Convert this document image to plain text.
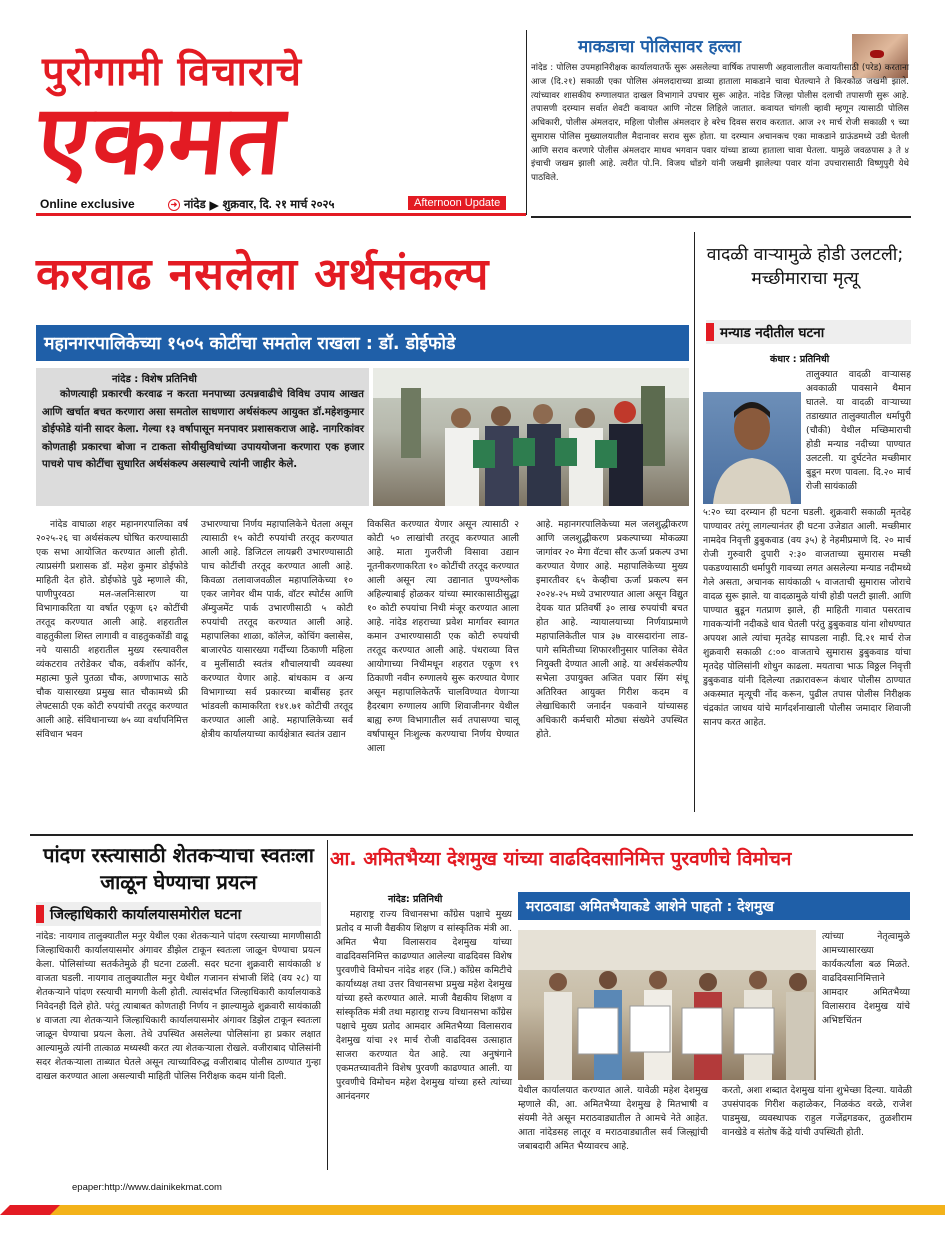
पुरोगामी विचाराचे
एकमत
Online exclusive	➜ नांदेड ▶ शुक्रवार, दि. २१ मार्च २०२५	Afternoon Update
माकडाचा पोलिसावर हल्ला
नांदेड : पोलिस उपमहानिरीक्षक कार्यालयातर्फे सुरू असलेल्या वार्षिक तपासणी अहवालातील कवायतीसाठी (परेड) करताना आज (दि.२१) सकाळी एका पोलिस अंमलदाराच्या डाव्या हाताला माकडाने चावा घेतल्याने ते किरकोळ जखमी झाले. त्यांच्यावर शासकीय रुग्णालयात दाखल विभागाने उपचार सुरू आहेत. नांदेड जिल्हा पोलीस दलाची तपासणी सुरू आहे. तपासणी दरम्यान सर्वात शेवटी कवायत आणि नोटस लिहिले जातात. कवायत चांगली व्हावी म्हणून त्यासाठी पोलिस अधिकारी, पोलीस अंमलदार, महिला पोलीस अंमलदार हे बरेच दिवस सराव करतात. आज २१ मार्च रोजी सकाळी ९ च्या सुमारास पोलिस मुख्यालयातील मैदानावर सराव सुरू होता. या दरम्यान अचानकच एका माकडाने ग्राऊंडमध्ये उडी घेतली आणि सराव करणारे पोलीस अंमलदार माधव भगवान पवार यांच्या डाव्या हाताला चावा घेतला. यामुळे जवळपास ३ ते ४ इंचाची जखम झाली आहे. त्वरीत पो.नि. विजय धोंडगे यांनी जखमी झालेल्या पवार यांना उपचारासाठी विष्णुपुरी येथे पाठविले.
करवाढ नसलेला अर्थसंकल्प
महानगरपालिकेच्या १५०५ कोटींचा समतोल राखला : डॉ. डोईफोडे
नांदेड : विशेष प्रतिनिधी
कोणत्याही प्रकारची करवाढ न करता मनपाच्या उत्पन्नवाढीचे विविध उपाय आखत आणि खर्चात बचत करणारा असा समतोल साधणारा अर्थसंकल्प आयुक्त डॉ.महेशकुमार डोईफोडे यांनी सादर केला. गेल्या १३ वर्षापासून मनपावर प्रशासकराज आहे. नागरिकांवर कोणताही प्रकारचा बोजा न टाकता सोयीसुविधांच्या उपाययोजना करणारा एक हजार पाचशे पाच कोटींचा सुधारित अर्थसंकल्प असल्याचे त्यांनी जाहीर केले.
नांदेड वाघाळा शहर महानगरपालिका वर्ष २०२५-२६ चा अर्थसंकल्प घोषित करण्यासाठी एक सभा आयोजित करण्यात आली होती. त्याप्रसंगी प्रशासक डॉ. महेश कुमार डोईफोडे माहिती देत होते. डोईफोडे पुढे म्हणाले की, पाणीपुरवठा मल-जलनिःसारण या विभागाकरिता या वर्षात एकूण ६२ कोटींची तरतूद करण्यात आली आहे. शहरातील वाहतुकीला शिस्त लागावी व वाहतुककोंडी वाढू नये यासाठी शहरातील मुख्य रस्त्यावरील व्यंकटराव तरोडेकर चौक, वर्कशॉप कॉर्नर, महात्मा फुले पुतळा चौक, अण्णाभाऊ साठे चौक यासारख्या प्रमुख सात चौकामध्ये फ्री लेफ्टसाठी एक कोटी रुपयांची तरतूद करण्यात आली आहे. संविधानाच्या ७५ व्या वर्धापनिमित्त संविधान भवन
उभारण्याचा निर्णय महापालिकेने घेतला असून त्यासाठी १५ कोटी रुपयांची तरतूद करण्यात आली आहे. डिजिटल लायब्ररी उभारण्यासाठी पाच कोटींची तरतूद करण्यात आली आहे. किवळा तलावाजवळील महापालिकेच्या १० एकर जागेवर थीम पार्क, वॉटर स्पोर्टस आणि ॲम्युजमेंट पार्क उभारणीसाठी ५ कोटी रुपयांची तरतूद करण्यात आली आहे. महापालिका शाळा, कॉलेज, कोचिंग क्लासेस, बाजारपेठ यासारख्या गर्दीच्या ठिकाणी महिला व मुलींसाठी स्वतंत्र शौचालयाची व्यवस्था करण्यात येणार आहे. बांधकाम व अन्य विभागाच्या सर्व प्रकारच्या बाबींसह इतर भांडवली कामाकरिता १४१.७१ कोटीची तरतूद करण्यात आली आहे. महापालिकेच्या सर्व क्षेत्रीय कार्यालयाच्या कार्यक्षेत्रात स्वतंत्र उद्यान
विकसित करण्यात येणार असून त्यासाठी २ कोटी ५० लाखांची तरतूद करण्यात आली आहे. माता गुजरीजी विसावा उद्यान नूतनीकरणाकरिता १० कोटींची तरतूद करण्यात आली असून त्या उद्यानात पुण्यश्लोक अहिल्याबाई होळकर यांच्या स्मारकासाठीसुद्धा १० कोटी रुपयांचा निधी मंजूर करण्यात आला आहे. नांदेड शहराच्या प्रवेश मार्गावर स्वागत कमान उभारण्यासाठी एक कोटी रुपयांची तरतूद करण्यात आली आहे. पंधराव्या वित्त आयोगाच्या निधीमधून शहरात एकूण १९ ठिकाणी नवीन रुग्णालये सुरू करण्यात येणार असून महापालिकेतर्फे चालविण्यात येणाऱ्या हैदरबाग रुग्णालय आणि शिवाजीनगर येथील बाह्य रुग्ण विभागातील सर्व तपासण्या चालू वर्षापासून निःशुल्क करण्याचा निर्णय घेण्यात आला
आहे. महानगरपालिकेच्या मल जलशुद्धीकरण आणि जलशुद्धीकरण प्रकल्पाच्या मोकळ्या जागांवर २० मेगा वॅटचा सौर ऊर्जा प्रकल्प उभा करण्यात येणार आहे. महापालिकेच्या मुख्य इमारतीवर ६५ केव्हीचा ऊर्जा प्रकल्प सन २०२४-२५ मध्ये उभारण्यात आला असून विद्युत देयक यात प्रतिवर्षी ३० लाख रुपयांची बचत होत आहे. न्यायालयाच्या निर्णयाप्रमाणे महापालिकेतील पात्र ३७ वारसदारांना लाड- पागे समितीच्या शिफारशीनुसार पालिका सेवेत नियुक्ती देण्यात आली आहे. या अर्थसंकल्पीय सभेला उपायुक्त अजित पवार सिंग संधू अतिरिक्त आयुक्त गिरीश कदम व लेखाधिकारी जनार्दन पकवाने यांच्यासह अधिकारी कर्मचारी मोठ्या संख्येने उपस्थित होते.
वादळी वाऱ्यामुळे होडी उलटली; मच्छीमाराचा मृत्यू
मन्याड नदीतील घटना
कंधार : प्रतिनिधी
तालुक्यात वादळी वाऱ्यासह अवकाळी पावसाने थैमान घातले. या वादळी वाऱ्याच्या तडाख्यात तालुक्यातील धर्मापुरी (चौकी) येथील मच्छिमाराची होडी मन्याड नदीच्या पाण्यात उलटली. या दुर्घटनेत मच्छीमार बुडून मरण पावला. दि.२० मार्च रोजी सायंकाळी
५:२० च्या दरम्यान ही घटना घडली. शुक्रवारी सकाळी मृतदेह पाण्यावर तरंगू लागल्यानंतर ही घटना उजेडात आली. मच्छीमार नामदेव निवृत्ती डुबुकवाड (वय ३५) हे नेहमीप्रमाणे दि. २० मार्च रोजी गुरुवारी दुपारी २:३० वाजताच्या सुमारास मच्छी पकडण्यासाठी धर्मापुरी गावच्या लगत असलेल्या मन्याड नदीमध्ये गेले असता, अचानक सायंकाळी ५ वाजताची सुमारास जोराचे वादळ सुरू झाले. या वादळामुळे यांची होडी पलटी झाली. आणि पाण्यात बुडून गतप्राण झाले, ही माहिती गावात पसरताच गावकऱ्यांनी नदीकडे धाव घेतली परंतु डुबुकवाड यांना शोधण्यात अपयश आले त्यांचा मृतदेह सापडला नाही. दि.२१ मार्च रोज शुक्रवारी सकाळी ८:०० वाजताचे सुमारास डुबुकवाड यांचा मृतदेह पोलिसांनी शोधुन काढला. मयताचा भाऊ विठ्ठल निवृत्ती डुबुकवाड यांनी दिलेल्या तक्रारावरून कंधार पोलीस ठाण्यात अकस्मात मृत्यूची नोंद करून, पुढील तपास पोलीस निरीक्षक चंद्रकांत जाधव यांचे मार्गदर्शनाखाली पोलीस जमादार शिवाजी सानप करत आहेत.
पांदण रस्त्यासाठी शेतकऱ्याचा स्वतःला जाळून घेण्याचा प्रयत्न
जिल्हाधिकारी कार्यालयासमोरील घटना
नांदेड: नायगाव तालुक्यातील मनुर येथील एका शेतकऱ्याने पांदण रस्त्याच्या मागणीसाठी जिल्हाधिकारी कार्यालयासमोर अंगावर डीझेल टाकून स्वतःला जाळून घेण्याचा प्रयत्न केला. पोलिसांच्या सतर्कतेमुळे ही घटना टळली. सदर घटना शुक्रवारी सायंकाळी ४ वाजता घडली. नायगाव तालुक्यातील मनुर येथील गजानन संभाजी शिंदे (वय २८) या शेतकऱ्याने पांदण रस्त्याची मागणी केली होती. त्यासंदर्भात जिल्हाधिकारी कार्यालयाकडे निवेदनही दिले होते. परंतु त्याबाबत कोणताही निर्णय न झाल्यामुळे शुक्रवारी सायंकाळी ४ वाजता त्या शेतकऱ्याने जिल्हाधिकारी कार्यालयासमोर अंगावर डिझेल टाकून स्वतःला जाळून घेण्याचा प्रयत्न केला. तेथे उपस्थित असलेल्या पोलिसांना हा प्रकार लक्षात आल्यामुळे त्यांनी तात्काळ मध्यस्थी करत त्या शेतकऱ्याला रोखले. वजीराबाद पोलिसांनी सदर शेतकऱ्याला ताब्यात घेतले असून त्याच्याविरुद्ध वजीराबाद पोलीस ठाण्यात गुन्हा दाखल करण्यात आला असल्याची माहिती पोलिस निरीक्षक कदम यांनी दिली.
आ. अमितभैय्या देशमुख यांच्या वाढदिवसानिमित्त पुरवणीचे विमोचन
नांदेड: प्रतिनिधी
महाराष्ट्र राज्य विधानसभा काँग्रेस पक्षाचे मुख्य प्रतोद व माजी वैद्यकीय शिक्षण व सांस्कृतिक मंत्री आ. अमित भैया विलासराव देशमुख यांच्या वाढदिवसनिमित्त काढण्यात आलेल्या वाढदिवस विशेष पुरवणीचे विमोचन नांदेड शहर (जि.) काँग्रेस कमिटीचे कार्याध्यक्ष तथा उत्तर विधानसभा प्रमुख महेश देशमुख यांच्या हस्ते करण्यात आले. माजी वैद्यकीय शिक्षण व सांस्कृतिक मंत्री तथा महाराष्ट्र राज्य विधानसभा काँग्रेस पक्षाचे मुख्य प्रतोद आमदार अमितभैय्या विलासराव देशमुख यांचा २१ मार्च रोजी वाढदिवस उत्साहात साजरा करण्यात येत आहे. त्या अनुषंगाने एकमतच्यावतीने विशेष पुरवणी काढण्यात आली. या पुरवणीचे विमोचन महेश देशमुख यांच्या हस्ते त्यांच्या आनंदनगर
मराठवाडा अमितभैयाकडे आशेने पाहतो : देशमुख
त्यांच्या नेतृत्वामुळे आमच्यासारख्या कार्यकर्त्यांला बळ मिळते. वाढदिवसानिमित्ताने आमदार अमितभैय्या विलासराव देशमुख यांचे अभिष्टचिंतन
येथील कार्यालयात करण्यात आले. यावेळी महेश देशमुख म्हणाले की, आ. अमितभैय्या देशमुख हे मितभाषी व संयमी नेते असून मराठवाड्यातील ते आमचे नेते आहेत. आता नांदेडसह लातूर व मराठवाड्यातील सर्व जिल्ह्यांची जबाबदारी अमित भैय्यावरच आहे.
करतो, अशा शब्दात देशमुख यांना शुभेच्छा दिल्या. यावेळी उपसंपादक गिरीश कहाळेकर, निळकंठ वरळे, राजेश पाडमुख, व्यवस्थापक राहुल गजेंद्रगडकर, तुळशीराम वानखेडे व संतोष केंद्रे यांची उपस्थिती होती.
epaper:http://www.dainikekmat.com
